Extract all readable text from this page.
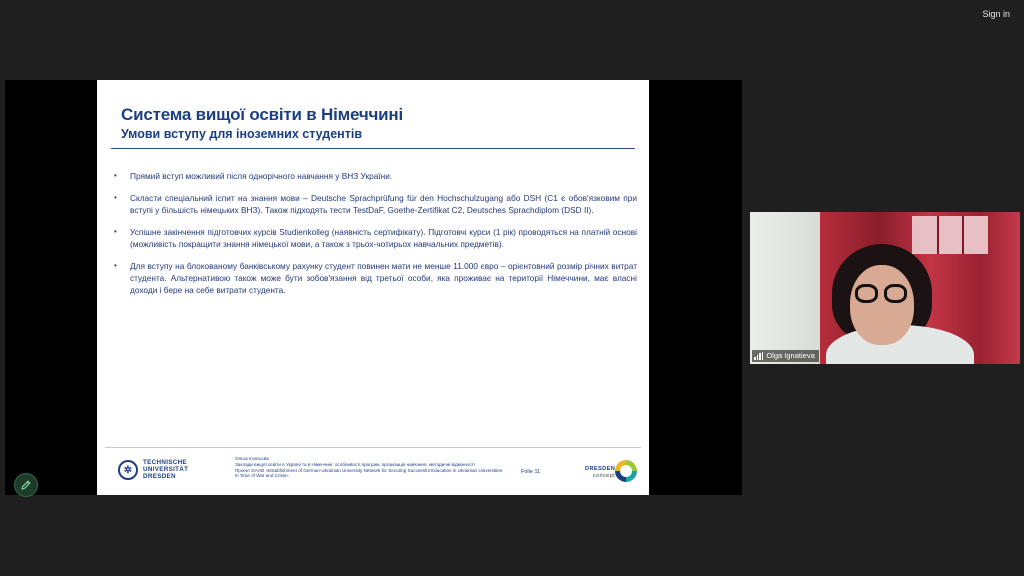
Sign in
Система вищої освіти в Німеччині
Умови вступу для іноземних студентів
• Прямий вступ можливий після однорічного навчання у ВНЗ України.
• Скласти спеціальний іспит на знання мови – Deutsche Sprachprüfung für den Hochschulzugang або DSH (С1 є обов'язковим при вступі у більшість німецьких ВНЗ). Також підходять тести TestDaF, Goethe-Zertifikat C2, Deutsches Sprachdiplom (DSD II).
• Успішне закінчення підготовчих курсів Studienkolleg (наявність сертифікату). Підготовчі курси (1 рік) проводяться на платній основі (можливість покращити знання німецької мови, а також з трьох-чотирьох навчальних предметів).
• Для вступу на блокованому банківському рахунку студент повинен мати не менше 11.000 євро – орієнтовний розмір річних витрат студента. Альтернативою також може бути зобов'язання від третьої особи, яка проживає на території Німеччини, має власні доходи і бере на себе витрати студента.
✲
TECHNISCHE
UNIVERSITÄT
DRESDEN
Ольга Ігнатьєва
Заклади вищої освіти в Україні та в Німеччині: особливості програм, організація навчання, методичні відмінності
Проект DAAD «Establishment of German-Ukrainian University Network for Securing Successful Education in Ukrainian Universities in Time of War and Crisis»
Folie 11	DRESDEN
concept
Olga Ignatieva
